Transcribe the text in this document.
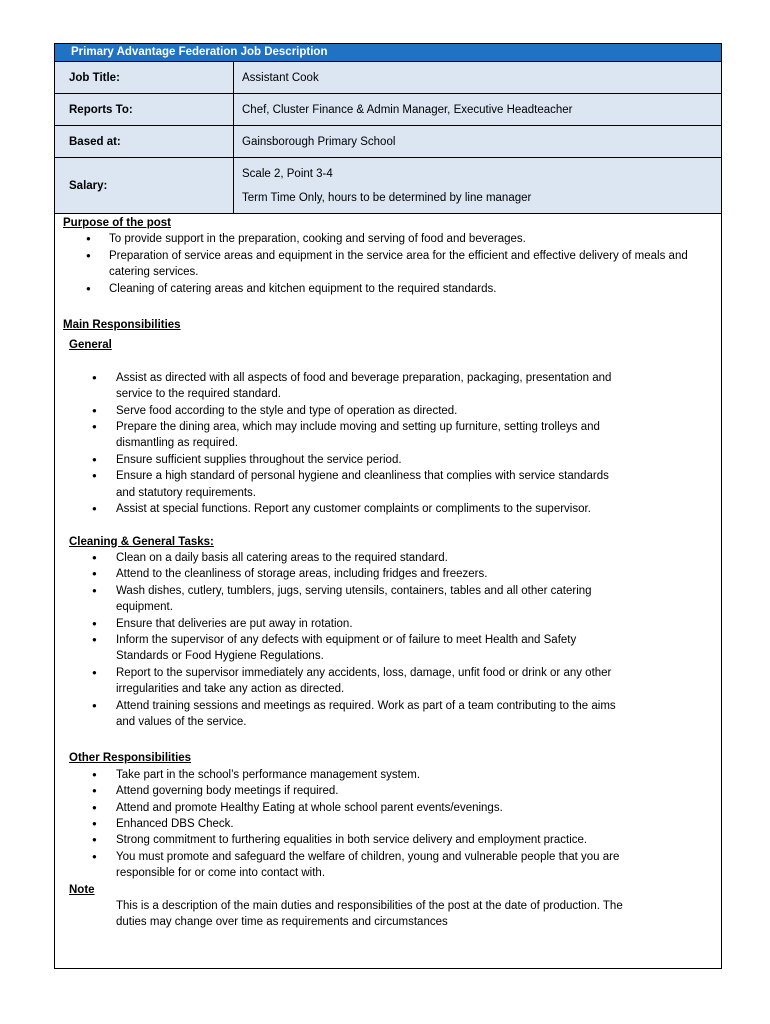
Primary Advantage Federation Job Description
Job Title:	Assistant Cook
Reports To:	Chef, Cluster Finance & Admin Manager, Executive Headteacher
Based at:	Gainsborough Primary School
Salary:	Scale 2, Point 3-4
Term Time Only, hours to be determined by line manager
Purpose of the post
● To provide support in the preparation, cooking and serving of food and beverages.
● Preparation of service areas and equipment in the service area for the efficient and effective delivery of meals and catering services.
● Cleaning of catering areas and kitchen equipment to the required standards.
Main Responsibilities
General
● Assist as directed with all aspects of food and beverage preparation, packaging, presentation and service to the required standard.
● Serve food according to the style and type of operation as directed.
● Prepare the dining area, which may include moving and setting up furniture, setting trolleys and dismantling as required.
● Ensure sufficient supplies throughout the service period.
● Ensure a high standard of personal hygiene and cleanliness that complies with service standards and statutory requirements.
● Assist at special functions. Report any customer complaints or compliments to the supervisor.
Cleaning & General Tasks:
● Clean on a daily basis all catering areas to the required standard.
● Attend to the cleanliness of storage areas, including fridges and freezers.
● Wash dishes, cutlery, tumblers, jugs, serving utensils, containers, tables and all other catering equipment.
● Ensure that deliveries are put away in rotation.
● Inform the supervisor of any defects with equipment or of failure to meet Health and Safety Standards or Food Hygiene Regulations.
● Report to the supervisor immediately any accidents, loss, damage, unfit food or drink or any other irregularities and take any action as directed.
● Attend training sessions and meetings as required. Work as part of a team contributing to the aims and values of the service.
Other Responsibilities
● Take part in the school’s performance management system.
● Attend governing body meetings if required.
● Attend and promote Healthy Eating at whole school parent events/evenings.
● Enhanced DBS Check.
● Strong commitment to furthering equalities in both service delivery and employment practice.
● You must promote and safeguard the welfare of children, young and vulnerable people that you are responsible for or come into contact with.
Note
This is a description of the main duties and responsibilities of the post at the date of production. The duties may change over time as requirements and circumstances
